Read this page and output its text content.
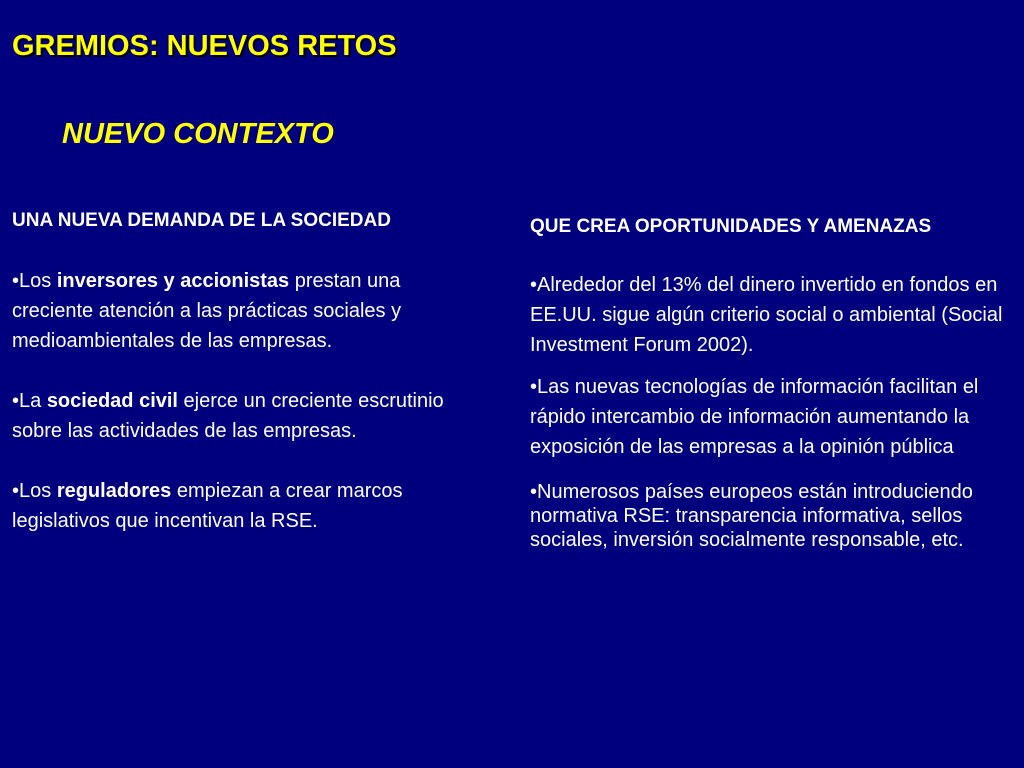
GREMIOS: NUEVOS RETOS
NUEVO CONTEXTO
UNA NUEVA DEMANDA DE LA SOCIEDAD
•Los inversores y accionistas prestan una creciente atención a las prácticas sociales y medioambientales de las empresas.
•La sociedad civil ejerce un creciente escrutinio sobre las actividades de las empresas.
•Los reguladores empiezan a crear marcos legislativos que incentivan la RSE.
QUE CREA OPORTUNIDADES Y AMENAZAS
•Alrededor del 13% del dinero invertido en fondos en EE.UU. sigue algún criterio social o ambiental (Social Investment Forum 2002).
•Las nuevas tecnologías de información facilitan el rápido intercambio de información aumentando la exposición de las empresas a la opinión pública
•Numerosos países europeos están introduciendo normativa RSE: transparencia informativa, sellos sociales, inversión socialmente responsable, etc.
